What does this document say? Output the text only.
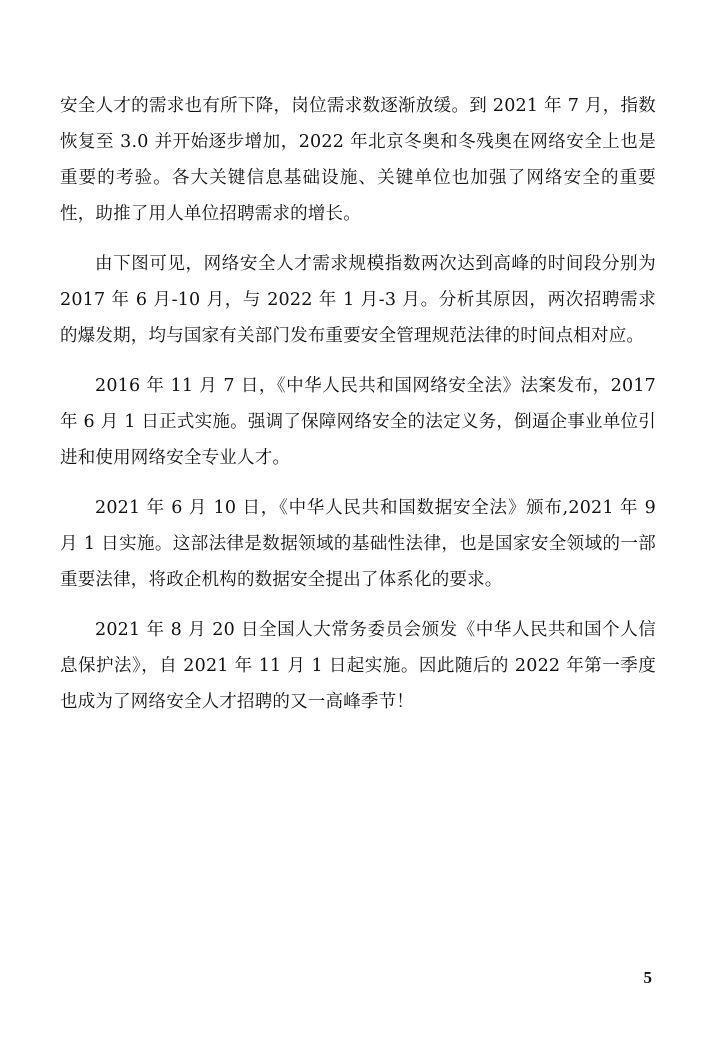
安全人才的需求也有所下降，岗位需求数逐渐放缓。到 2021 年 7 月，指数恢复至 3.0 并开始逐步增加，2022 年北京冬奥和冬残奥在网络安全上也是重要的考验。各大关键信息基础设施、关键单位也加强了网络安全的重要性，助推了用人单位招聘需求的增长。

由下图可见，网络安全人才需求规模指数两次达到高峰的时间段分别为 2017 年 6 月-10 月，与 2022 年 1 月-3 月。分析其原因，两次招聘需求的爆发期，均与国家有关部门发布重要安全管理规范法律的时间点相对应。

2016 年 11 月 7 日，《中华人民共和国网络安全法》法案发布，2017 年 6 月 1 日正式实施。强调了保障网络安全的法定义务，倒逼企事业单位引进和使用网络安全专业人才。

2021 年 6 月 10 日，《中华人民共和国数据安全法》颁布,2021 年 9 月 1 日实施。这部法律是数据领域的基础性法律，也是国家安全领域的一部重要法律，将政企机构的数据安全提出了体系化的要求。

2021 年 8 月 20 日全国人大常务委员会颁发《中华人民共和国个人信息保护法》，自 2021 年 11 月 1 日起实施。因此随后的 2022 年第一季度也成为了网络安全人才招聘的又一高峰季节！

5
